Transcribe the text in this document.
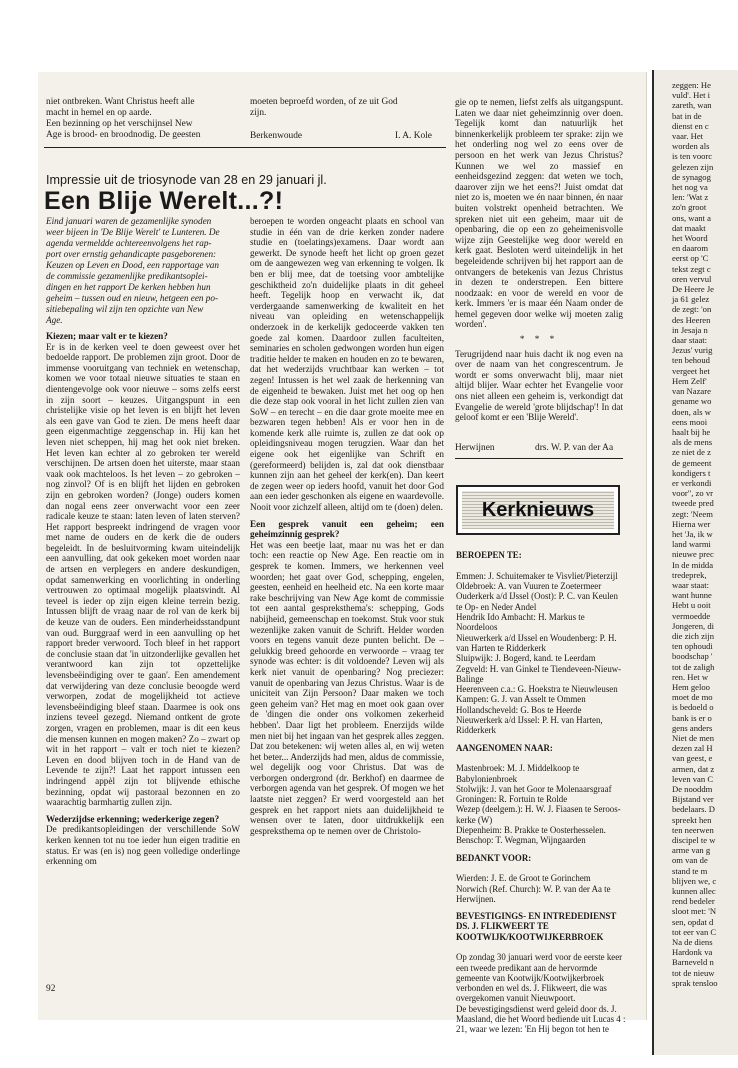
niet ontbreken. Want Christus heeft alle
macht in hemel en op aarde.
Een bezinning op het verschijnsel New
Age is brood- en broodnodig. De geesten
moeten beproefd worden, of ze uit God
zijn.
Berkenwoude	I. A. Kole
Impressie uit de triosynode van 28 en 29 januari jl.
Een Blije Werelt...?!
Eind januari waren de gezamenlijke synoden
weer bijeen in 'De Blije Werelt' te Lunteren. De
agenda vermeldde achtereenvolgens het rap-
port over ernstig gehandicapte pasgeborenen:
Keuzen op Leven en Dood, een rapportage van
de commissie gezamenlijke predikantsoplei-
dingen en het rapport De kerken hebben hun
geheim – tussen oud en nieuw, hetgeen een po-
sitiebepaling wil zijn ten opzichte van New
Age.

Kiezen; maar valt er te kiezen?

Er is in de kerken veel te doen geweest over het bedoelde rapport. De problemen zijn groot. Door de immense vooruitgang van techniek en wetenschap, komen we voor totaal nieuwe situaties te staan en dientengevolge ook voor nieuwe – soms zelfs eerst in zijn soort – keuzes. Uitgangspunt in een christelijke visie op het leven is en blijft het leven als een gave van God te zien. De mens heeft daar geen eigenmachtige zeggenschap in. Hij kan het leven niet scheppen, hij mag het ook niet breken. Het leven kan echter al zo gebroken ter wereld verschijnen. De artsen doen het uiterste, maar staan vaak ook machteloos. Is het leven – zo gebroken – nog zinvol? Of is en blijft het lijden en gebroken zijn en gebroken worden? (Jonge) ouders komen dan nogal eens zeer onverwacht voor een zeer radicale keuze te staan: laten leven of laten sterven? Het rapport bespreekt indringend de vragen voor met name de ouders en de kerk die de ouders begeleidt. In de besluitvorming kwam uiteindelijk een aanvulling, dat ook gekeken moet worden naar de artsen en verplegers en andere deskundigen, opdat samenwerking en voorlichting in onderling vertrouwen zo optimaal mogelijk plaatsvindt. Al teveel is ieder op zijn eigen kleine terrein bezig. Intussen blijft de vraag naar de rol van de kerk bij de keuze van de ouders. Een minderheidsstandpunt van oud. Burggraaf werd in een aanvulling op het rapport breder verwoord. Toch bleef in het rapport de conclusie staan dat 'in uitzonderlijke gevallen het verantwoord kan zijn tot opzettelijke levensbeëindiging over te gaan'. Een amendement dat verwijdering van deze conclusie beoogde werd verworpen, zodat de mogelijkheid tot actieve levensbeëindiging bleef staan. Daarmee is ook ons inziens teveel gezegd. Niemand ontkent de grote zorgen, vragen en problemen, maar is dit een keus die mensen kunnen en mogen maken? Zo – zwart op wit in het rapport – valt er toch niet te kiezen? Leven en dood blijven toch in de Hand van de Levende te zijn?! Laat het rapport intussen een indringend appèl zijn tot blijvende ethische bezinning, opdat wij pastoraal bezonnen en zo waarachtig barmhartig zullen zijn.

Wederzijdse erkenning; wederkerige zegen?

De predikantsopleidingen der verschillende SoW kerken kennen tot nu toe ieder hun eigen traditie en status. Er was (en is) nog geen volledige onderlinge erkenning om

beroepen te worden ongeacht plaats en school van studie in één van de drie kerken zonder nadere studie en (toelatings)examens. Daar wordt aan gewerkt. De synode heeft het licht op groen gezet om de aangewezen weg van erkenning te volgen. Ik ben er blij mee, dat de toetsing voor ambtelijke geschiktheid zo'n duidelijke plaats in dit geheel heeft. Tegelijk hoop en verwacht ik, dat verdergaande samenwerking de kwaliteit en het niveau van opleiding en wetenschappelijk onderzoek in de kerkelijk gedoceerde vakken ten goede zal komen. Daardoor zullen faculteiten, seminaries en scholen gedwongen worden hun eigen traditie helder te maken en houden en zo te bewaren, dat het wederzijds vruchtbaar kan werken – tot zegen! Intussen is het wel zaak de herkenning van de eigenheid te bewaken. Juist met het oog op hen die deze stap ook vooral in het licht zullen zien van SoW – en terecht – en die daar grote moeite mee en bezwaren tegen hebben! Als er voor hen in de komende kerk alle ruimte is, zullen ze dat ook op opleidingsniveau mogen terugzien. Waar dan het eigene ook het eigenlijke van Schrift en (gereformeerd) belijden is, zal dat ook dienstbaar kunnen zijn aan het geheel der kerk(en). Dan keert de zegen weer op ieders hoofd, vanuit het door God aan een ieder geschonken als eigene en waardevolle. Nooit voor zichzelf alleen, altijd om te (doen) delen.

Een gesprek vanuit een geheim; een geheimzinnig gesprek?

Het was een beetje laat, maar nu was het er dan toch: een reactie op New Age. Een reactie om in gesprek te komen. Immers, we herkennen veel woorden; het gaat over God, schepping, engelen, geesten, eenheid en heelheid etc. Na een korte maar rake beschrijving van New Age komt de commissie tot een aantal gespreksthema's: schepping, Gods nabijheid, gemeenschap en toekomst. Stuk voor stuk wezenlijke zaken vanuit de Schrift. Helder worden voors en tegens vanuit deze punten belicht. De – gelukkig breed gehoorde en verwoorde – vraag ter synode was echter: is dit voldoende? Leven wij als kerk niet vanuit de openbaring? Nog preciezer: vanuit de openbaring van Jezus Christus. Waar is de uniciteit van Zijn Persoon? Daar maken we toch geen geheim van? Het mag en moet ook gaan over de 'dingen die onder ons volkomen zekerheid hebben'. Daar ligt het probleem. Enerzijds wilde men niet bij het ingaan van het gesprek alles zeggen. Dat zou betekenen: wij weten alles al, en wij weten het beter... Anderzijds had men, aldus de commissie, wel degelijk oog voor Christus. Dat was de verborgen ondergrond (dr. Berkhof) en daarmee de verborgen agenda van het gesprek. Of mogen we het laatste niet zeggen? Er werd voorgesteld aan het gesprek en het rapport niets aan duidelijkheid te wensen over te laten, door uitdrukkelijk een gespreksthema op te nemen over de Christolo-

gie op te nemen, liefst zelfs als uitgangspunt. Laten we daar niet geheimzinnig over doen. Tegelijk komt dan natuurlijk het binnenkerkelijk probleem ter sprake: zijn we het onderling nog wel zo eens over de persoon en het werk van Jezus Christus? Kunnen we wel zo massief en eenheidsgezind zeggen: dat weten we toch, daarover zijn we het eens?! Juist omdat dat niet zo is, moeten we én naar binnen, én naar buiten volstrekt openheid betrachten. We spreken niet uit een geheim, maar uit de openbaring, die op een zo geheimenisvolle wijze zijn Geestelijke weg door wereld en kerk gaat. Besloten werd uiteindelijk in het begeleidende schrijven bij het rapport aan de ontvangers de betekenis van Jezus Christus in dezen te onderstrepen. Een bittere noodzaak: en voor de wereld en voor de kerk. Immers 'er is maar één Naam onder de hemel gegeven door welke wij moeten zalig worden'.

* * *

Terugrijdend naar huis dacht ik nog even na over de naam van het congrescentrum. Je wordt er soms onverwacht blij, maar niet altijd blijer. Waar echter het Evangelie voor ons niet alleen een geheim is, verkondigt dat Evangelie de wereld 'grote blijdschap'! In dat geloof komt er een 'Blije Wereld'.

Herwijnen	drs. W. P. van der Aa
Kerknieuws

BEROEPEN TE:

Emmen: J. Schuitemaker te Visvliet/Pieterzijl
Oldebroek: A. van Vuuren te Zoetermeer
Ouderkerk a/d IJssel (Oost): P. C. van Keulen te Op- en Neder Andel
Hendrik Ido Ambacht: H. Markus te Noordeloos
Nieuwerkerk a/d IJssel en Woudenberg: P. H. van Harten te Ridderkerk
Sluipwijk: J. Bogerd, kand. te Leerdam
Zegveld: H. van Ginkel te Tiendeveen-Nieuw-Balinge
Heerenveen c.a.: G. Hoekstra te Nieuwleusen
Kampen: G. J. van Asselt te Ommen
Hollandscheveld: G. Bos te Heerde
Nieuwerkerk a/d IJssel: P. H. van Harten, Ridderkerk

AANGENOMEN NAAR:

Mastenbroek: M. J. Middelkoop te Babylonienbroek
Stolwijk: J. van het Goor te Molenaarsgraaf
Groningen: R. Fortuin te Rolde
Wezep (deelgem.): H. W. J. Fiaasen te Seroos-kerke (W)
Diepenheim: B. Prakke te Oosterhesselen.
Benschop: T. Wegman, Wijngaarden

BEDANKT VOOR:

Wierden: J. E. de Groot te Gorinchem
Norwich (Ref. Church): W. P. van der Aa te Herwijnen.

BEVESTIGINGS- EN INTREDEDIENST DS. J. FLIKWEERT TE KOOTWIJK/KOOTWIJKERBROEK

Op zondag 30 januari werd voor de eerste keer een tweede predikant aan de hervormde gemeente van Kootwijk/Kootwijkerbroek verbonden en wel ds. J. Flikweert, die was overgekomen vanuit Nieuwpoort.
De bevestigingsdienst werd geleid door ds. J. Maasland, die het Woord bediende uit Lucas 4 : 21, waar we lezen: 'En Hij begon tot hen te

92
zeggen: He
vuld'. Het i
zareth, wan
bat in de
dienst en c
vaar. Het
worden als
is ten voorc
gelezen zijn
de synagog
het nog va
len: 'Wat z
zo'n groot
ons, want a
dat maakt
het Woord
en daarom
eerst op 'C
tekst zegt c
oren vervul
De Heere Je
ja 61 gelez
de zegt: 'on
des Heeren
in Jesaja n
daar staat:
Jezus' vurig
ten behoud
vergeet het
Hem Zelf'
van Nazare
gename wo
doen, als w
eens mooi
haalt bij he
als de mens
ze niet de z
de gemeent
kondigers t
er verkondi
voor", zo vr
tweede pred
zegt: 'Neem
Hierna wer
het 'Ja, ik w
land warmi
nieuwe prec
In de midda
tredeprek,
waar staat:
want hunne
Hebt u ooit
vermoedde
Jongeren, di
die zich zijn
ten ophoudi
boodschap '
tot de zaligh
ren. Het w
Hem geloo
moet de mo
is bedoeld o
bank is er o
gens anders
Niet de men
dezen zal H
van geest, e
armen, dat z
leven van C
De nooddm
Bijstand ver
bedelaars. D
spreekt hen
ten neerwen
discipel te w
arme van g
om van de
stand te m
blijven we, c
kunnen allec
rend bedeler
sloot met: 'N
sen, opdat d
tot eer van C
Na de diens
Hardonk va
Barneveld n
tot de nieuw
sprak tensloo
